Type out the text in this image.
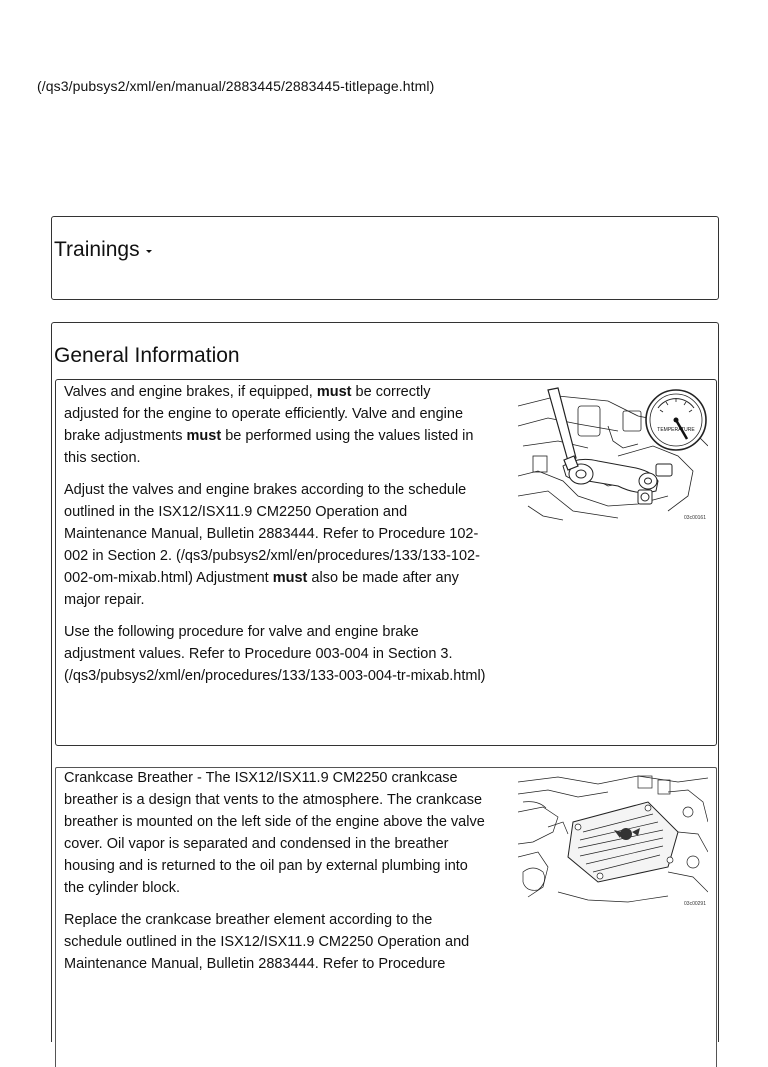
(/qs3/pubsys2/xml/en/manual/2883445/2883445-titlepage.html)
Trainings
General Information

Valves and engine brakes, if equipped, must be correctly adjusted for the engine to operate efficiently. Valve and engine brake adjustments must be performed using the values listed in this section.

Adjust the valves and engine brakes according to the schedule outlined in the ISX12/ISX11.9 CM2250 Operation and Maintenance Manual, Bulletin 2883444. Refer to Procedure 102-002 in Section 2. (/qs3/pubsys2/xml/en/procedures/133/133-102-002-om-mixab.html) Adjustment must also be made after any major repair.

Use the following procedure for valve and engine brake adjustment values. Refer to Procedure 003-004 in Section 3. (/qs3/pubsys2/xml/en/procedures/133/133-003-004-tr-mixab.html)

TEMPERATURE
03c00161

Crankcase Breather - The ISX12/ISX11.9 CM2250 crankcase breather is a design that vents to the atmosphere. The crankcase breather is mounted on the left side of the engine above the valve cover. Oil vapor is separated and condensed in the breather housing and is returned to the oil pan by external plumbing into the cylinder block.

Replace the crankcase breather element according to the schedule outlined in the ISX12/ISX11.9 CM2250 Operation and Maintenance Manual, Bulletin 2883444. Refer to Procedure

03c00291
